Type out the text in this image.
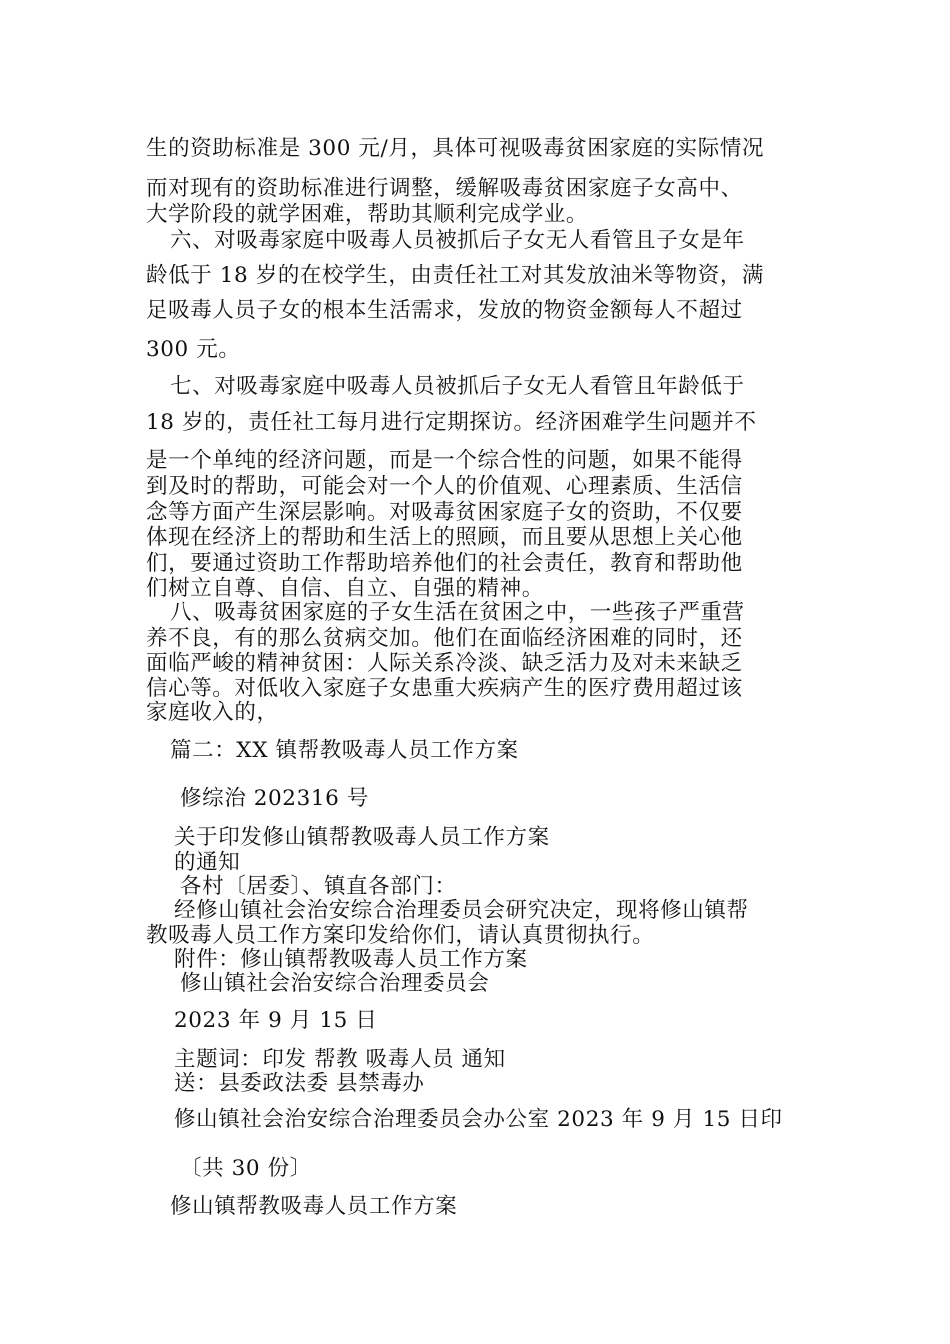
生的资助标准是 300 元/月，具体可视吸毒贫困家庭的实际情况
而对现有的资助标准进行调整，缓解吸毒贫困家庭子女高中、
大学阶段的就学困难，帮助其顺利完成学业。
六、对吸毒家庭中吸毒人员被抓后子女无人看管且子女是年
龄低于 18 岁的在校学生，由责任社工对其发放油米等物资，满
足吸毒人员子女的根本生活需求，发放的物资金额每人不超过
300 元。
七、对吸毒家庭中吸毒人员被抓后子女无人看管且年龄低于
18 岁的，责任社工每月进行定期探访。经济困难学生问题并不
是一个单纯的经济问题，而是一个综合性的问题，如果不能得
到及时的帮助，可能会对一个人的价值观、心理素质、生活信
念等方面产生深层影响。对吸毒贫困家庭子女的资助，不仅要
体现在经济上的帮助和生活上的照顾，而且要从思想上关心他
们，要通过资助工作帮助培养他们的社会责任，教育和帮助他
们树立自尊、自信、自立、自强的精神。
八、吸毒贫困家庭的子女生活在贫困之中，一些孩子严重营
养不良，有的那么贫病交加。他们在面临经济困难的同时，还
面临严峻的精神贫困：人际关系冷淡、缺乏活力及对未来缺乏
信心等。对低收入家庭子女患重大疾病产生的医疗费用超过该
家庭收入的，
篇二：XX 镇帮教吸毒人员工作方案
修综治 202316 号
关于印发修山镇帮教吸毒人员工作方案
的通知
各村〔居委〕、镇直各部门：
经修山镇社会治安综合治理委员会研究决定，现将修山镇帮
教吸毒人员工作方案印发给你们，请认真贯彻执行。
附件：修山镇帮教吸毒人员工作方案
修山镇社会治安综合治理委员会
2023 年 9 月 15 日
主题词：印发 帮教 吸毒人员 通知
送：县委政法委 县禁毒办
修山镇社会治安综合治理委员会办公室 2023 年 9 月 15 日印
〔共 30 份〕
修山镇帮教吸毒人员工作方案
